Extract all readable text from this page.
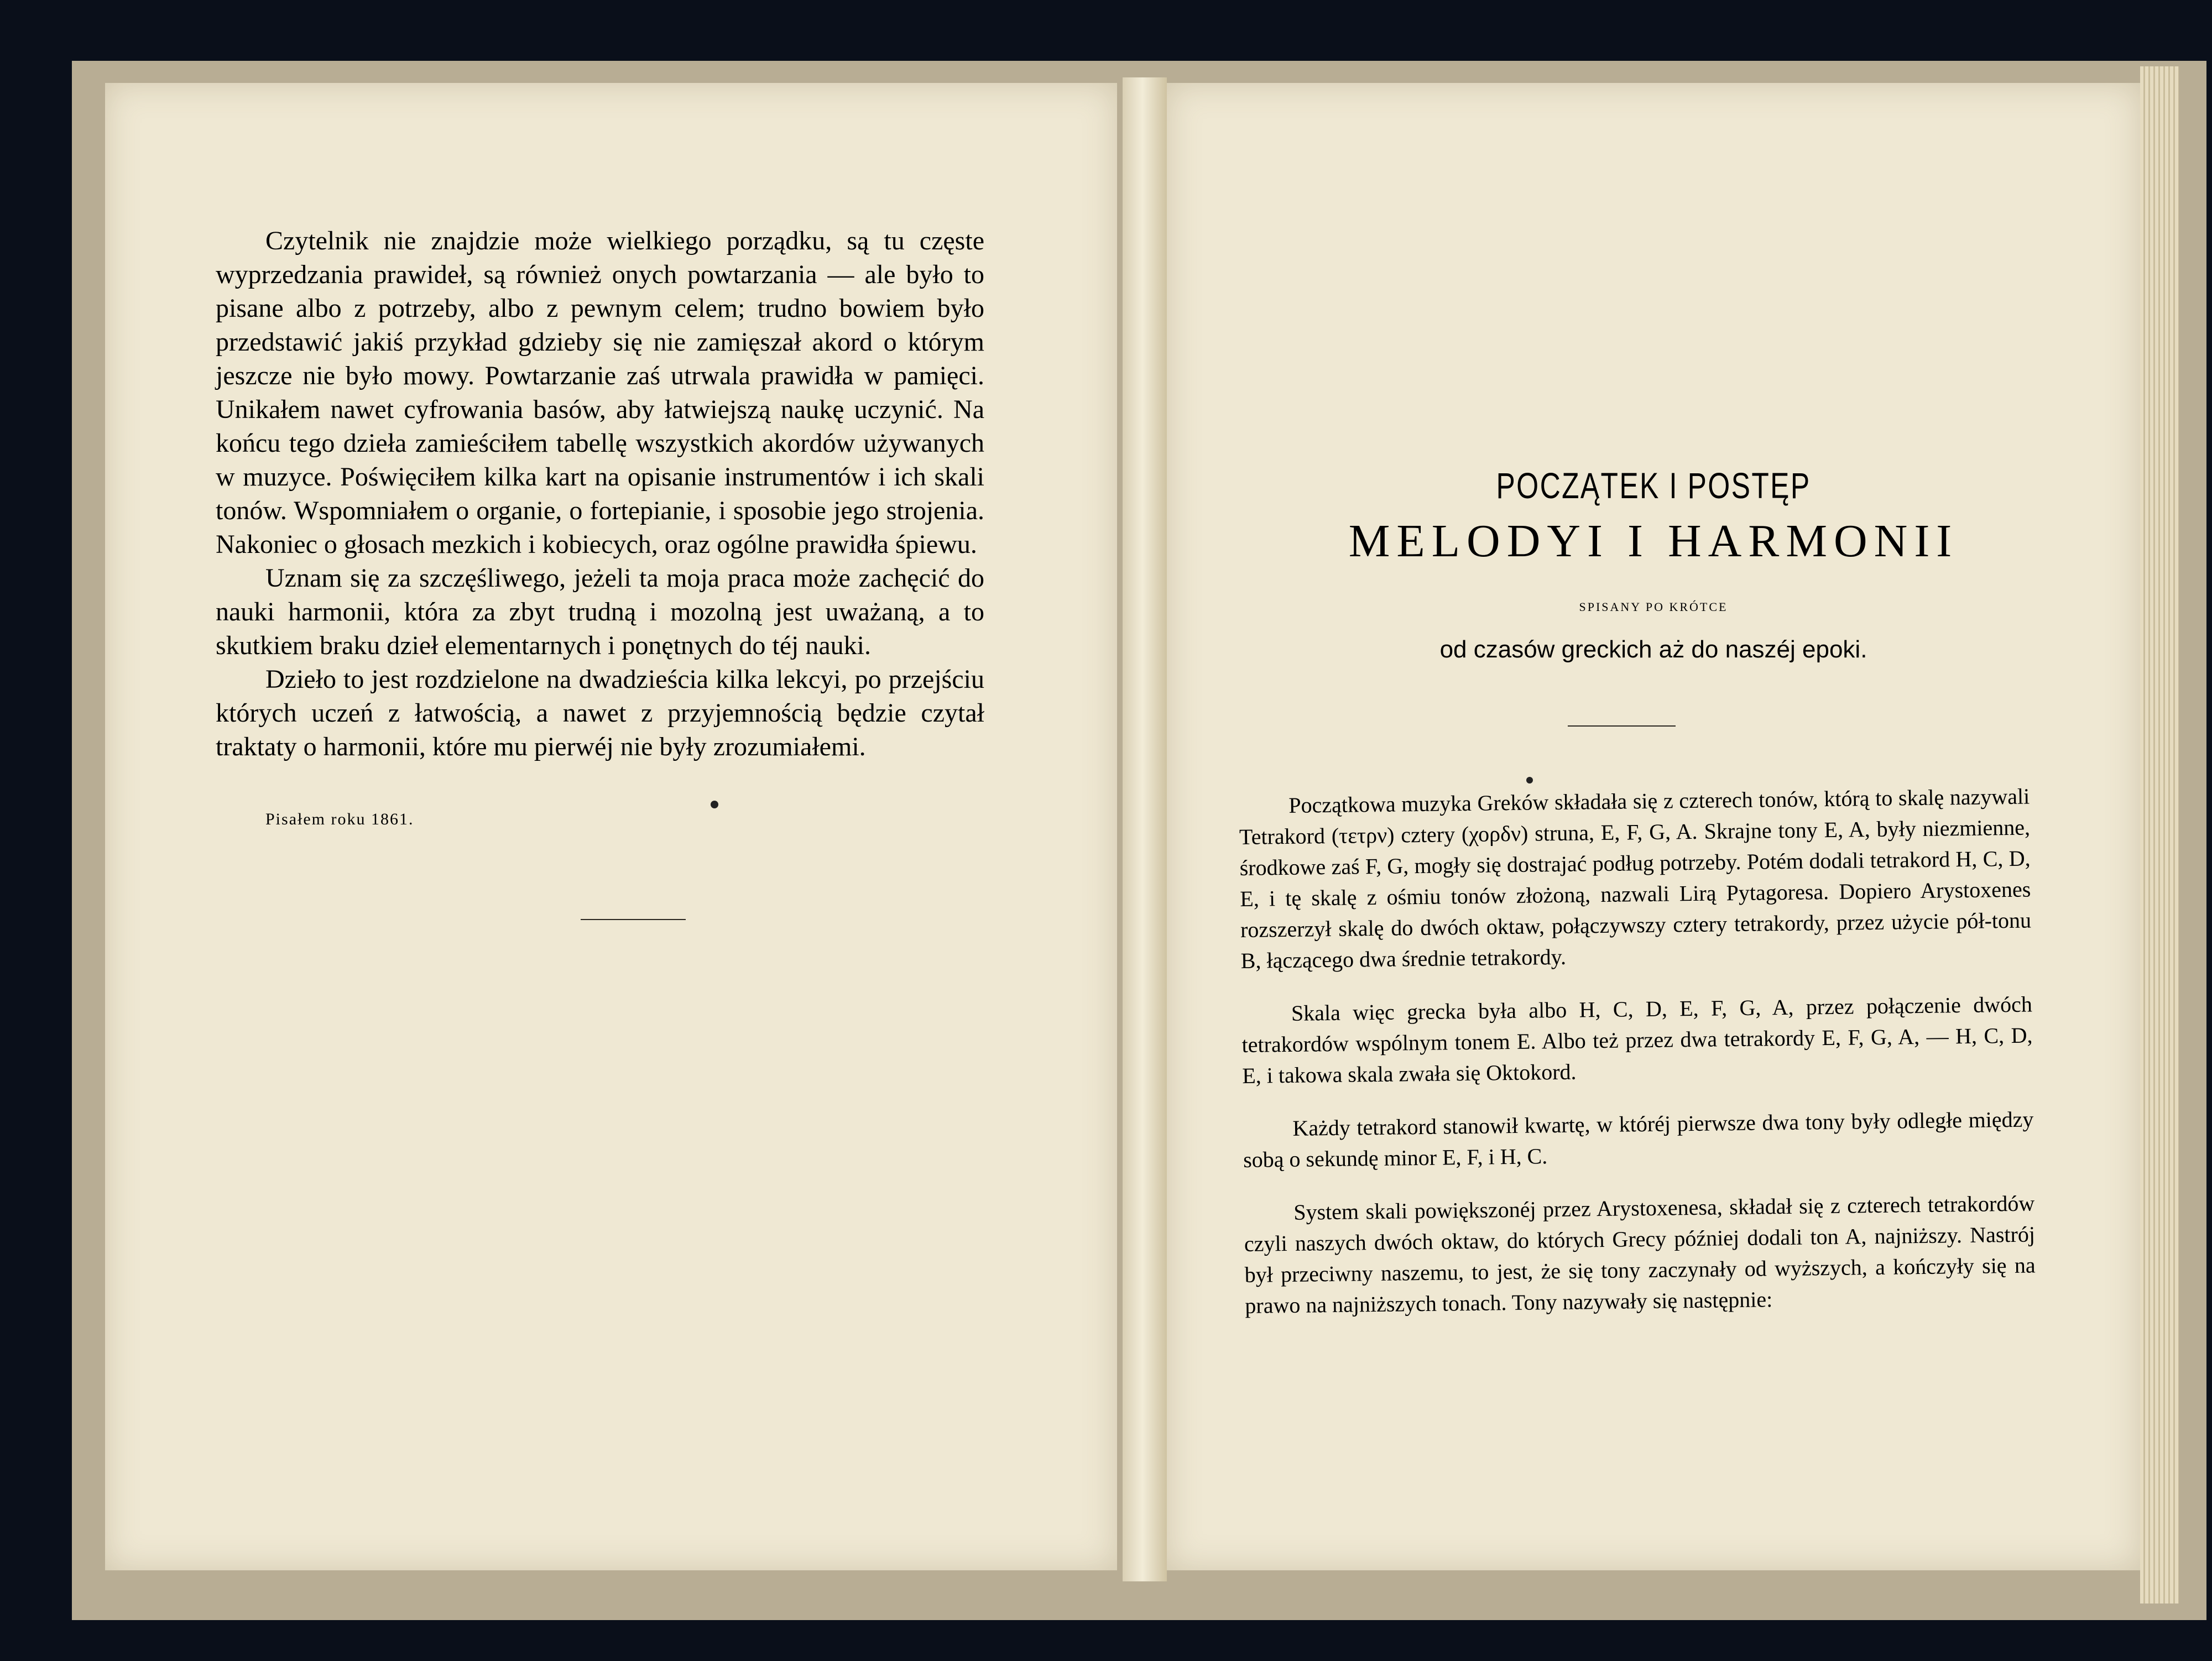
Czytelnik nie znajdzie może wielkiego porządku, są tu częste wyprzedzania prawideł, są również onych powtarzania — ale było to pisane albo z potrzeby, albo z pewnym celem; trudno bowiem było przedstawić jakiś przykład gdzieby się nie zamięszał akord o którym jeszcze nie było mowy. Powtarzanie zaś utrwala prawidła w pamięci. Unikałem nawet cyfrowania basów, aby łatwiejszą naukę uczynić. Na końcu tego dzieła zamieściłem tabellę wszystkich akordów używanych w muzyce. Poświęciłem kilka kart na opisanie instrumentów i ich skali tonów. Wspomniałem o organie, o fortepianie, i sposobie jego strojenia. Nakoniec o głosach mezkich i kobiecych, oraz ogólne prawidła śpiewu.

Uznam się za szczęśliwego, jeżeli ta moja praca może zachęcić do nauki harmonii, która za zbyt trudną i mozolną jest uważaną, a to skutkiem braku dzieł elementarnych i ponętnych do téj nauki.

Dzieło to jest rozdzielone na dwadzieścia kilka lekcyi, po przejściu których uczeń z łatwością, a nawet z przyjemnością będzie czytał traktaty o harmonii, które mu pierwéj nie były zrozumiałemi.

Pisałem roku 1861.
POCZĄTEK I POSTĘP
MELODYI I HARMONII
SPISANY PO KRÓTCE
od czasów greckich aż do naszéj epoki.

Początkowa muzyka Greków składała się z czterech tonów, którą to skalę nazywali Tetrakord (τετρν) cztery (χορδν) struna, E, F, G, A. Skrajne tony E, A, były niezmienne, środkowe zaś F, G, mogły się dostrajać podług potrzeby. Potém dodali tetrakord H, C, D, E, i tę skalę z ośmiu tonów złożoną, nazwali Lirą Pytagoresa. Dopiero Arystoxenes rozszerzył skalę do dwóch oktaw, połączywszy cztery tetrakordy, przez użycie pół-tonu B, łączącego dwa średnie tetrakordy.

Skala więc grecka była albo H, C, D, E, F, G, A, przez połączenie dwóch tetrakordów wspólnym tonem E. Albo też przez dwa tetrakordy E, F, G, A, — H, C, D, E, i takowa skala zwała się Oktokord.

Każdy tetrakord stanowił kwartę, w któréj pierwsze dwa tony były odległe między sobą o sekundę minor E, F, i H, C.

System skali powiększonéj przez Arystoxenesa, składał się z czterech tetrakordów czyli naszych dwóch oktaw, do których Grecy później dodali ton A, najniższy. Nastrój był przeciwny naszemu, to jest, że się tony zaczynały od wyższych, a kończyły się na prawo na najniższych tonach. Tony nazywały się następnie:
